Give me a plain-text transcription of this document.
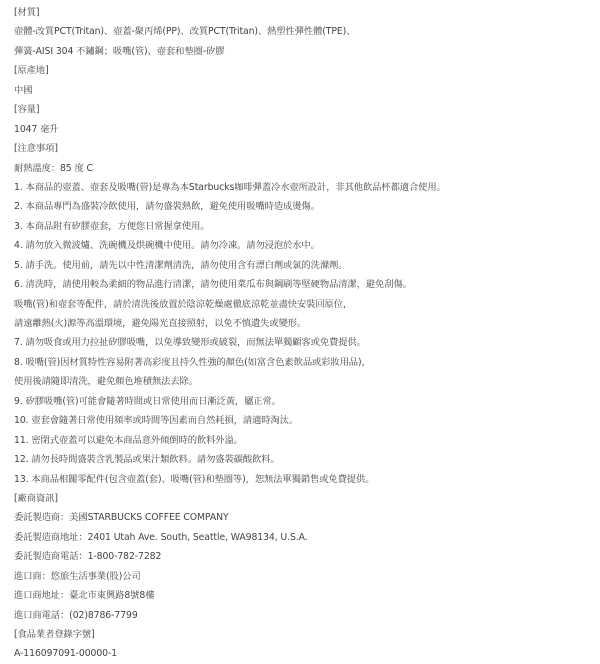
[材質]
壺體-改質PCT(Tritan)、壺蓋-聚丙烯(PP)、改質PCT(Tritan)、熱塑性彈性體(TPE)、
彈簧-AISI 304 不鏽鋼；吸嘴(管)、壺套和墊圈-矽膠
[原產地]
中國
[容量]
1047 毫升
[注意事項]
耐熱溫度：85 度 C
1. 本商品的壺蓋、壺套及吸嘴(管)是專為本Starbucks咖啡彈蓋冷水壺所設計，非其他飲品杯都適合使用。
2. 本商品專門為盛裝冷飲使用，請勿盛裝熱飲，避免使用吸嘴時造成燙傷。
3. 本商品附有矽膠壺套，方便您日常握拿使用。
4. 請勿放入微波爐、洗碗機及烘碗機中使用。請勿冷凍。請勿浸泡於水中。
5. 請手洗。使用前，請先以中性清潔劑清洗，請勿使用含有漂白劑或氯的洗滌劑。
6. 清洗時，請使用較為柔細的物品進行清潔，請勿使用菜瓜布與鋼刷等堅硬物品清潔，避免刮傷。
吸嘴(管)和壺套等配件，請於清洗後放置於陰涼乾燥處徹底涼乾並盡快安裝回原位，
請遠離熱(火)源等高溫環境，避免陽光直接照射，以免不慎遺失或變形。
7. 請勿吸食或用力拉扯矽膠吸嘴，以免導致變形或破裂，而無法單獨顧客或免費提供。
8. 吸嘴(管)因材質特性容易附著高彩度且持久性強的顏色(如富含色素飲品或彩妝用品)，
使用後請隨即清洗，避免顏色堆積無法去除。
9. 矽膠吸嘴(管)可能會隨著時間或日常使用而日漸泛黃，屬正常。
10. 壺套會隨著日常使用頻率或時間等因素而自然耗損，請適時淘汰。
11. 密閉式壺蓋可以避免本商品意外傾倒時的飲料外溢。
12. 請勿長時間盛裝含乳製品或果汁類飲料。請勿盛裝碳酸飲料。
13. 本商品相關零配件(包含壺蓋(套)、吸嘴(管)和墊圈等)，恕無法單獨銷售或免費提供。
[廠商資訊]
委託製造商：美國STARBUCKS COFFEE COMPANY
委託製造商地址：2401 Utah Ave. South, Seattle, WA98134, U.S.A.
委託製造商電話：1-800-782-7282
進口商：悠旅生活事業(股)公司
進口商地址：臺北市東興路8號8樓
進口商電話：(02)8786-7799
[食品業者登錄字號]
A-116097091-00000-1
